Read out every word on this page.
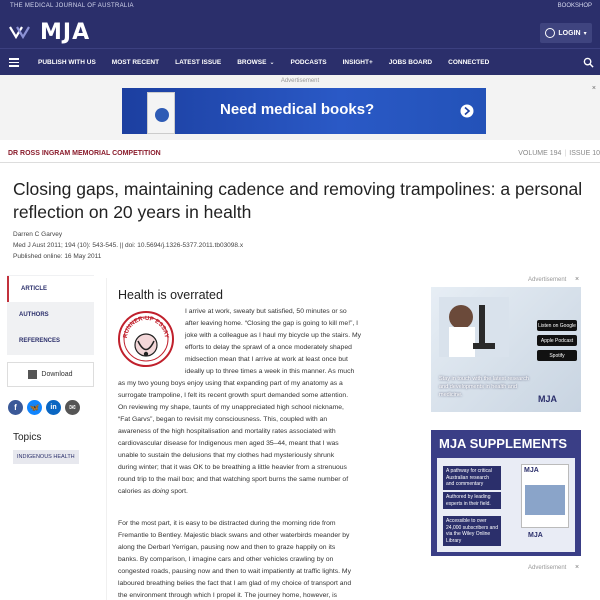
THE MEDICAL JOURNAL OF AUSTRALIA	BOOKSHOP
MJA	LOGIN ▾
PUBLISH WITH US MOST RECENT LATEST ISSUE BROWSE ⌄ PODCASTS INSIGHT+ JOBS BOARD CONNECTED
Advertisement
×
Need medical books?
DR ROSS INGRAM MEMORIAL COMPETITION	VOLUME 194 | ISSUE 10
Closing gaps, maintaining cadence and removing trampolines: a personal reflection on 20 years in health
Darren C Garvey
Med J Aust 2011; 194 (10): 543-545. || doi: 10.5694/j.1326-5377.2011.tb03098.x
Published online: 16 May 2011
ARTICLE
AUTHORS
REFERENCES
Download
f	🦋	in	✉
Topics
INDIGENOUS HEALTH
Health is overrated
RUNNER-UP ESSAY
I arrive at work, sweaty but satisfied, 50 minutes or so
after leaving home. “Closing the gap is going to kill me!”, I
joke with a colleague as I haul my bicycle up the stairs. My
efforts to delay the sprawl of a once moderately shaped
midsection mean that I arrive at work at least once but
ideally up to three times a week in this manner. As much
as my two young boys enjoy using that expanding part of my anatomy as a
surrogate trampoline, I felt its recent growth spurt demanded some attention.
On reviewing my shape, taunts of my unappreciated high school nickname,
“Fat Garvs”, began to revisit my consciousness. This, coupled with an
awareness of the high hospitalisation and mortality rates associated with
cardiovascular disease for Indigenous men aged 35–44, meant that I was
unable to sustain the delusions that my clothes had mysteriously shrunk
during winter; that it was OK to be breathing a little heavier from a strenuous
round trip to the mail box; and that watching sport burns the same number of
calories as doing sport.
For the most part, it is easy to be distracted during the morning ride from
Fremantle to Bentley. Majestic black swans and other waterbirds meander by
along the Derbarl Yerrigan, pausing now and then to graze happily on its
banks. By comparison, I imagine cars and other vehicles crawling by on
congested roads, pausing now and then to wait impatiently at traffic lights. My
laboured breathing belies the fact that I am glad of my choice of transport and
the environment through which I propel it. The journey home, however, is
Advertisement ×
Listen on Google
Apple Podcast
Spotify
Stay in touch with the latest research and developments in health and medicine.	MJA
MJA SUPPLEMENTS
A pathway for critical Australian research and commentary
Authored by leading experts in their field.
Accessible to over 24,000 subscribers and via the Wiley Online Library
MJA
MJA
Advertisement ×
